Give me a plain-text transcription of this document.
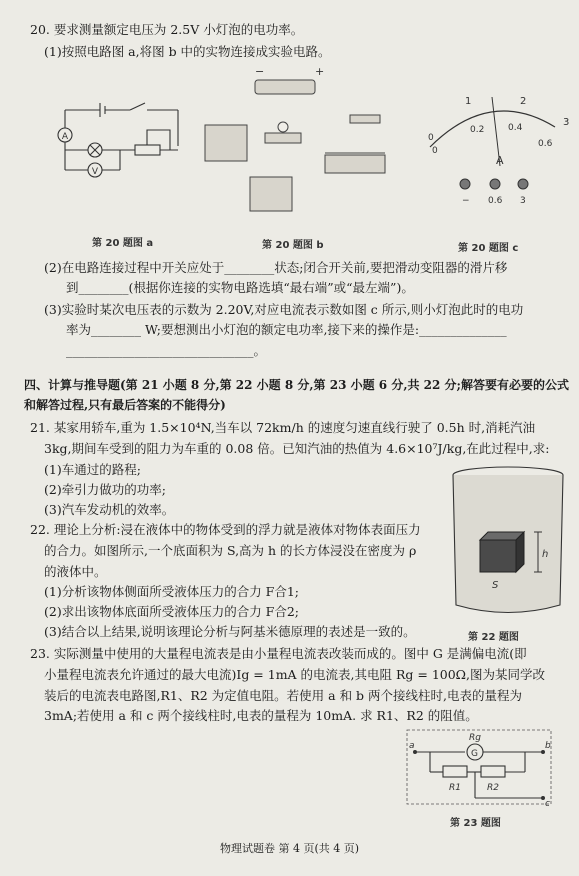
20. 要求测量额定电压为 2.5V 小灯泡的电功率。
(1)按照电路图 a,将图 b 中的实物连接成实验电路。
A
V
第 20 题图 a
−	+
第 20 题图 b
1	2
3
0
0
0.2	0.4
0.6
A
− 0.6 3
第 20 题图 c
(2)在电路连接过程中开关应处于________状态;闭合开关前,要把滑动变阻器的滑片移
到________(根据你连接的实物电路选填“最右端”或“最左端”)。
(3)实验时某次电压表的示数为 2.20V,对应电流表示数如图 c 所示,则小灯泡此时的电功
率为________ W;要想测出小灯泡的额定电功率,接下来的操作是:______________
______________________________。
四、计算与推导题(第 21 小题 8 分,第 22 小题 8 分,第 23 小题 6 分,共 22 分;解答要有必要的公式
和解答过程,只有最后答案的不能得分)
21. 某家用轿车,重为 1.5×10⁴N,当车以 72km/h 的速度匀速直线行驶了 0.5h 时,消耗汽油
3kg,期间车受到的阻力为车重的 0.08 倍。已知汽油的热值为 4.6×10⁷J/kg,在此过程中,求:
(1)车通过的路程;
(2)牵引力做功的功率;
(3)汽车发动机的效率。
22. 理论上分析:浸在液体中的物体受到的浮力就是液体对物体表面压力
的合力。如图所示,一个底面积为 S,高为 h 的长方体浸没在密度为 ρ
的液体中。
(1)分析该物体侧面所受液体压力的合力 F合1;
(2)求出该物体底面所受液体压力的合力 F合2;
(3)结合以上结果,说明该理论分析与阿基米德原理的表述是一致的。
h
S
第 22 题图
23. 实际测量中使用的大量程电流表是由小量程电流表改装而成的。图中 G 是满偏电流(即
小量程电流表允许通过的最大电流)Ig = 1mA 的电流表,其电阻 Rg = 100Ω,图为某同学改
装后的电流表电路图,R1、R2 为定值电阻。若使用 a 和 b 两个接线柱时,电表的量程为
3mA;若使用 a 和 c 两个接线柱时,电表的量程为 10mA. 求 R1、R2 的阻值。
Rg
G
R1	R2
a	b
c
第 23 题图
物理试题卷 第 4 页(共 4 页)
